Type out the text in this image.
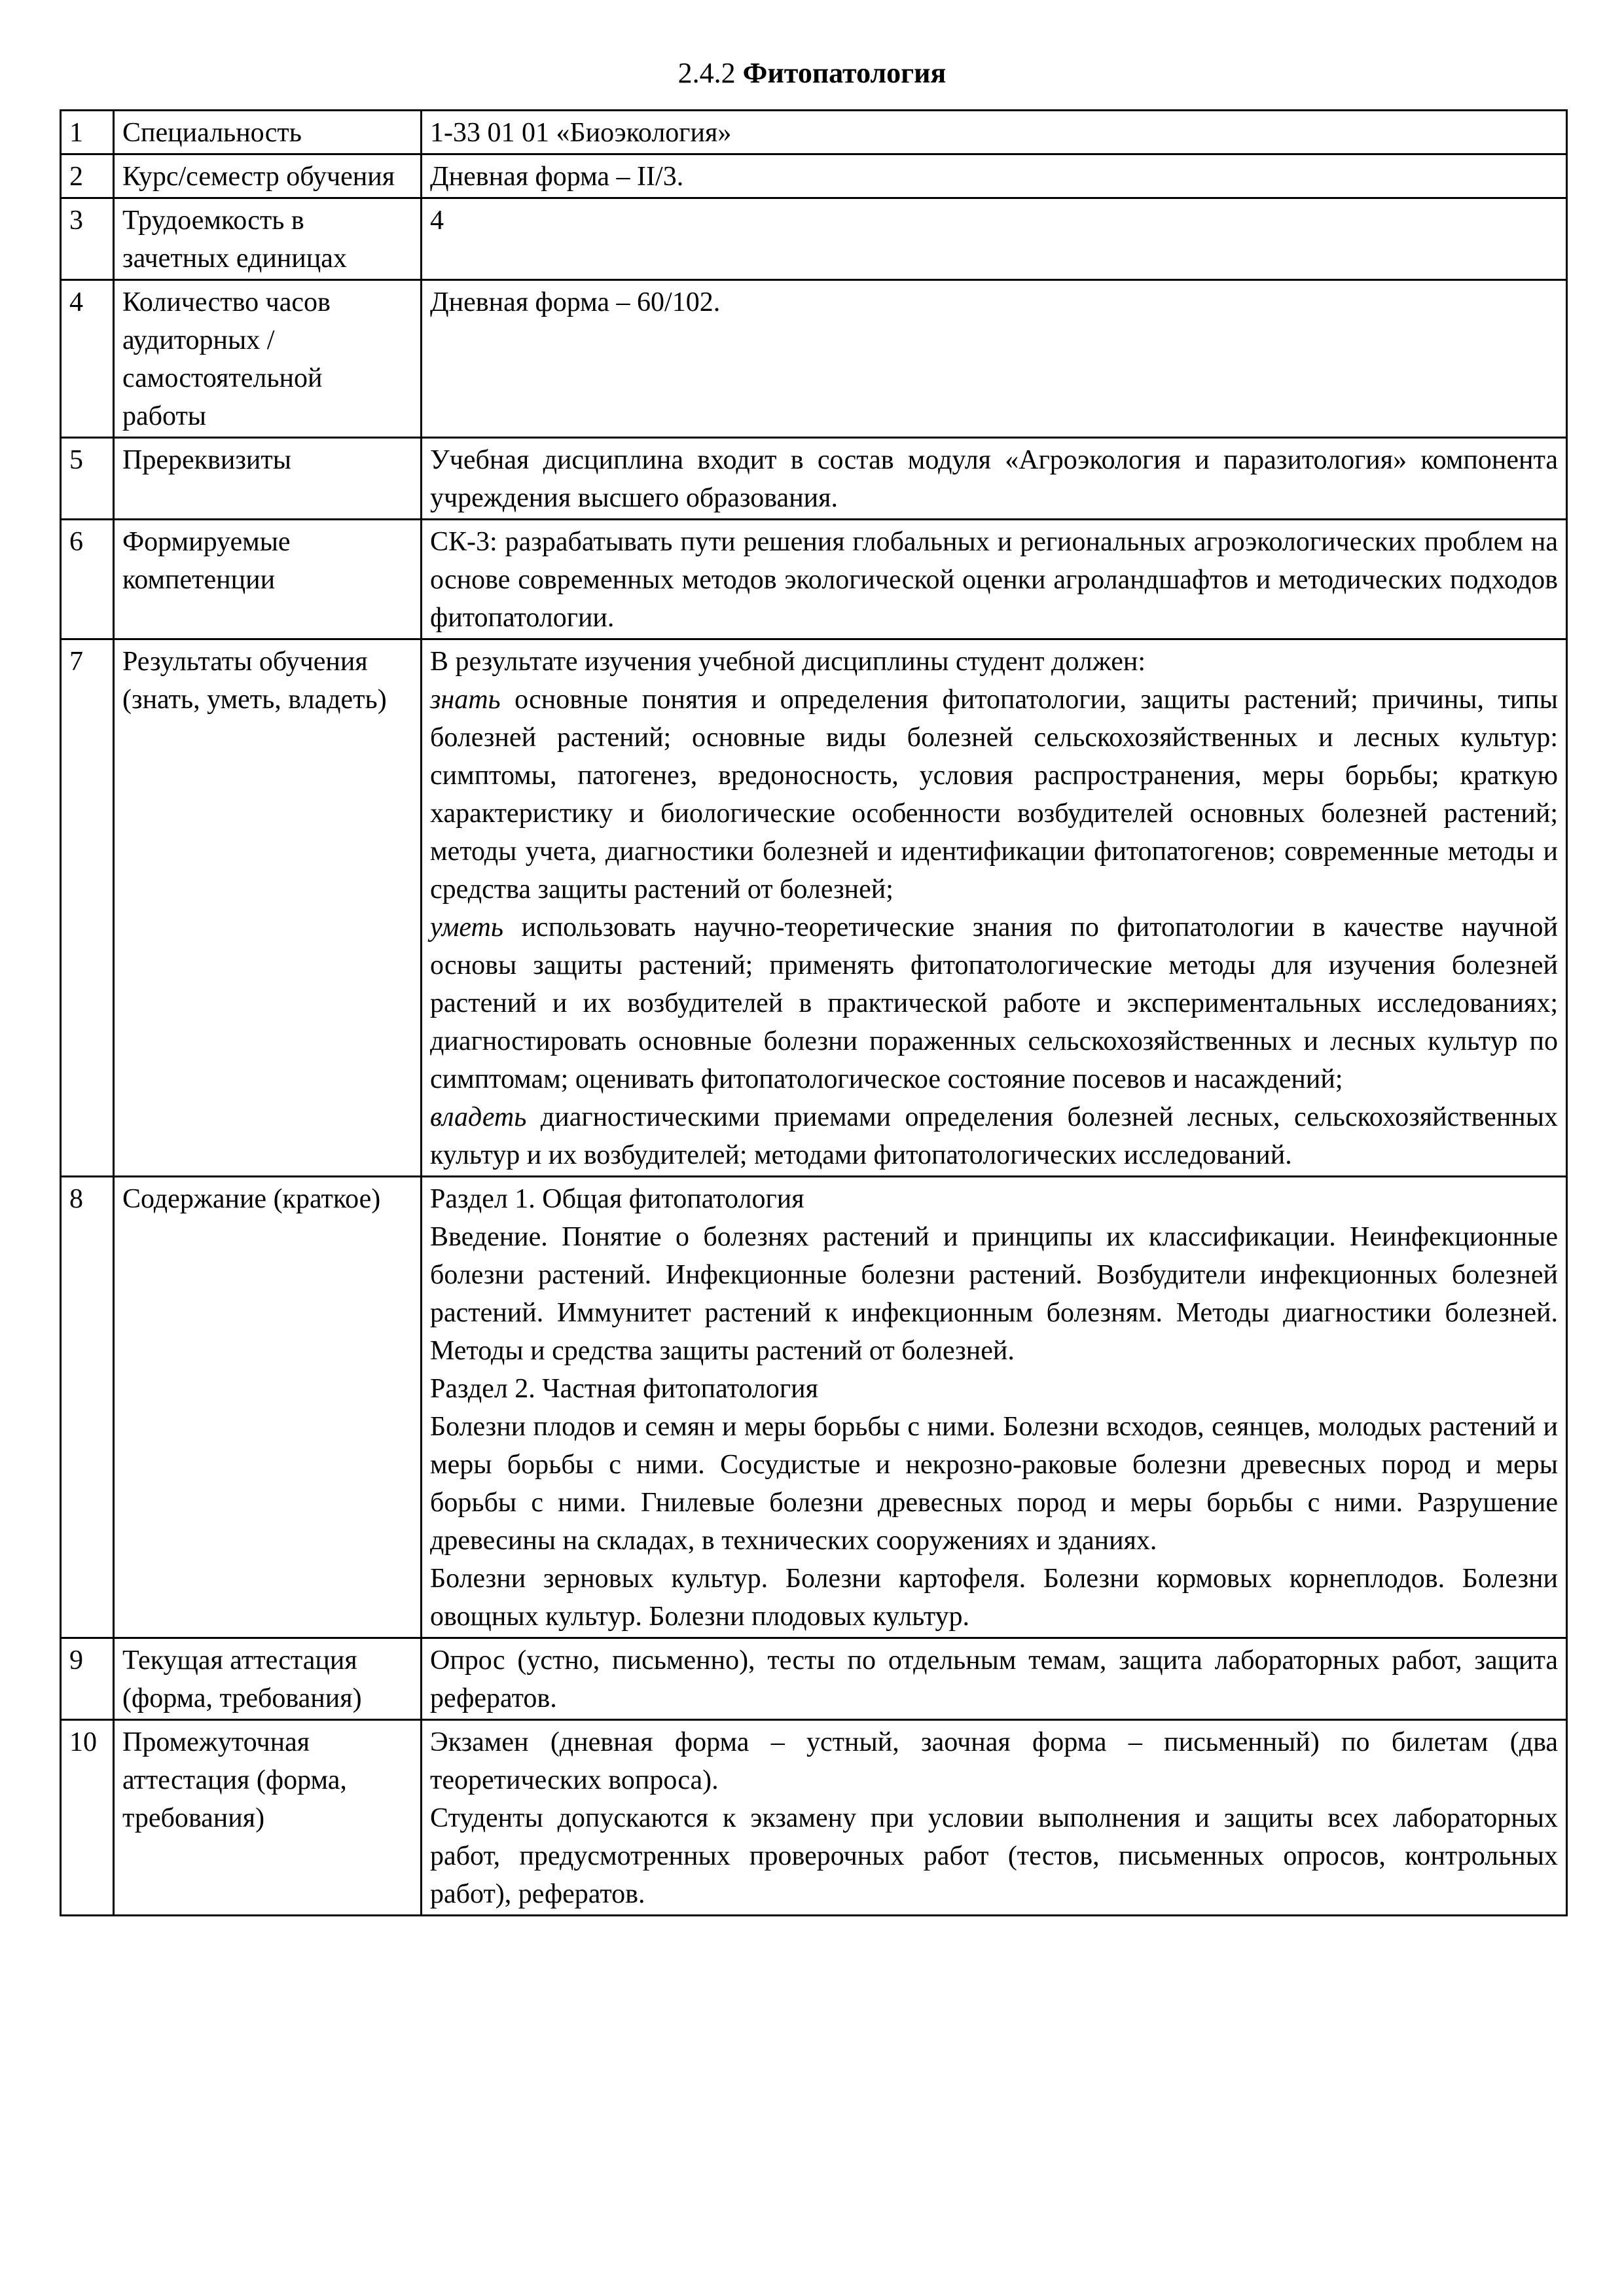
2.4.2 Фитопатология
1	Специальность	1-33 01 01 «Биоэкология»

2	Курс/семестр обучения	Дневная форма – II/3.

3	Трудоемкость в зачетных единицах	4

4	Количество часов аудиторных / самостоятельной работы	Дневная форма – 60/102.

5	Пререквизиты	Учебная дисциплина входит в состав модуля «Агроэкология и паразитология» компонента учреждения высшего образования.

6	Формируемые компетенции	СК-3: разрабатывать пути решения глобальных и региональных агроэкологических проблем на основе современных методов экологической оценки агроландшафтов и методических подходов фитопатологии.

7	Результаты обучения (знать, уметь, владеть)	В результате изучения учебной дисциплины студент должен:

знать основные понятия и определения фитопатологии, защиты растений; причины, типы болезней растений; основные виды болезней сельскохозяйственных и лесных культур: симптомы, патогенез, вредоносность, условия распространения, меры борьбы; краткую характеристику и биологические особенности возбудителей основных болезней растений; методы учета, диагностики болезней и идентификации фитопатогенов; современные методы и средства защиты растений от болезней;

уметь использовать научно-теоретические знания по фитопатологии в качестве научной основы защиты растений; применять фитопатологические методы для изучения болезней растений и их возбудителей в практической работе и экспериментальных исследованиях; диагностировать основные болезни пораженных сельскохозяйственных и лесных культур по симптомам; оценивать фитопатологическое состояние посевов и насаждений;

владеть диагностическими приемами определения болезней лесных, сельскохозяйственных культур и их возбудителей; методами фитопатологических исследований.

8	Содержание (краткое)	Раздел 1. Общая фитопатология

Введение. Понятие о болезнях растений и принципы их классификации. Неинфекционные болезни растений. Инфекционные болезни растений. Возбудители инфекционных болезней растений. Иммунитет растений к инфекционным болезням. Методы диагностики болезней. Методы и средства защиты растений от болезней.

Раздел 2. Частная фитопатология

Болезни плодов и семян и меры борьбы с ними. Болезни всходов, сеянцев, молодых растений и меры борьбы с ними. Сосудистые и некрозно-раковые болезни древесных пород и меры борьбы с ними. Гнилевые болезни древесных пород и меры борьбы с ними. Разрушение древесины на складах, в технических сооружениях и зданиях.

Болезни зерновых культур. Болезни картофеля. Болезни кормовых корнеплодов. Болезни овощных культур. Болезни плодовых культур.

9	Текущая аттестация (форма, требования)	Опрос (устно, письменно), тесты по отдельным темам, защита лабораторных работ, защита рефератов.

10	Промежуточная аттестация (форма, требования)	Экзамен (дневная форма – устный, заочная форма – письменный) по билетам (два теоретических вопроса).

Студенты допускаются к экзамену при условии выполнения и защиты всех лабораторных работ, предусмотренных проверочных работ (тестов, письменных опросов, контрольных работ), рефератов.
